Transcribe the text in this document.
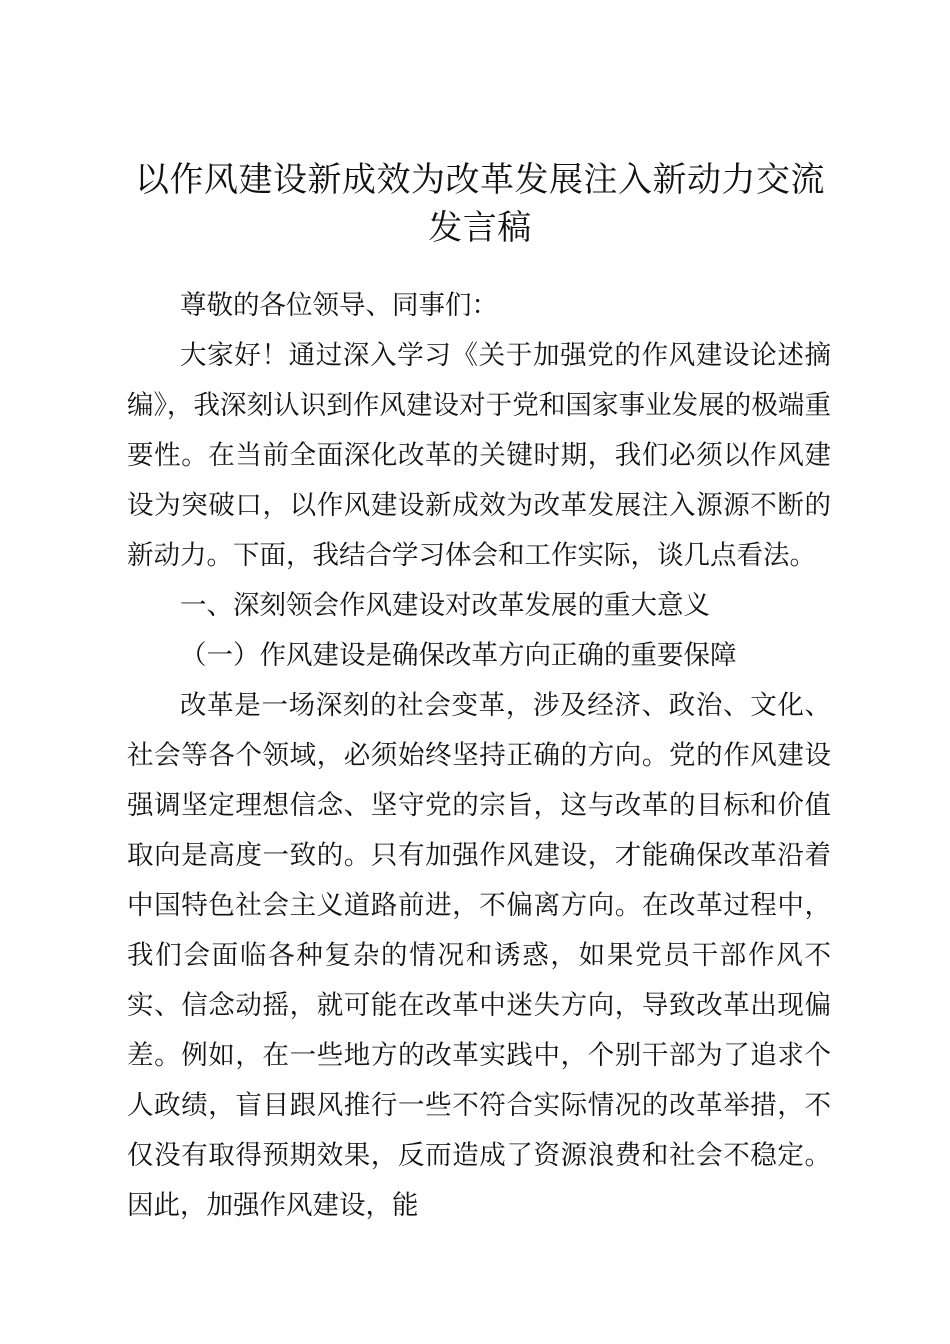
以作风建设新成效为改革发展注入新动力交流
发言稿

尊敬的各位领导、同事们：

大家好！通过深入学习《关于加强党的作风建设论述摘编》，我深刻认识到作风建设对于党和国家事业发展的极端重要性。在当前全面深化改革的关键时期，我们必须以作风建设为突破口，以作风建设新成效为改革发展注入源源不断的新动力。下面，我结合学习体会和工作实际，谈几点看法。

一、深刻领会作风建设对改革发展的重大意义

（一）作风建设是确保改革方向正确的重要保障

改革是一场深刻的社会变革，涉及经济、政治、文化、社会等各个领域，必须始终坚持正确的方向。党的作风建设强调坚定理想信念、坚守党的宗旨，这与改革的目标和价值取向是高度一致的。只有加强作风建设，才能确保改革沿着中国特色社会主义道路前进，不偏离方向。在改革过程中，我们会面临各种复杂的情况和诱惑，如果党员干部作风不实、信念动摇，就可能在改革中迷失方向，导致改革出现偏差。例如，在一些地方的改革实践中，个别干部为了追求个人政绩，盲目跟风推行一些不符合实际情况的改革举措，不仅没有取得预期效果，反而造成了资源浪费和社会不稳定。因此，加强作风建设，能
